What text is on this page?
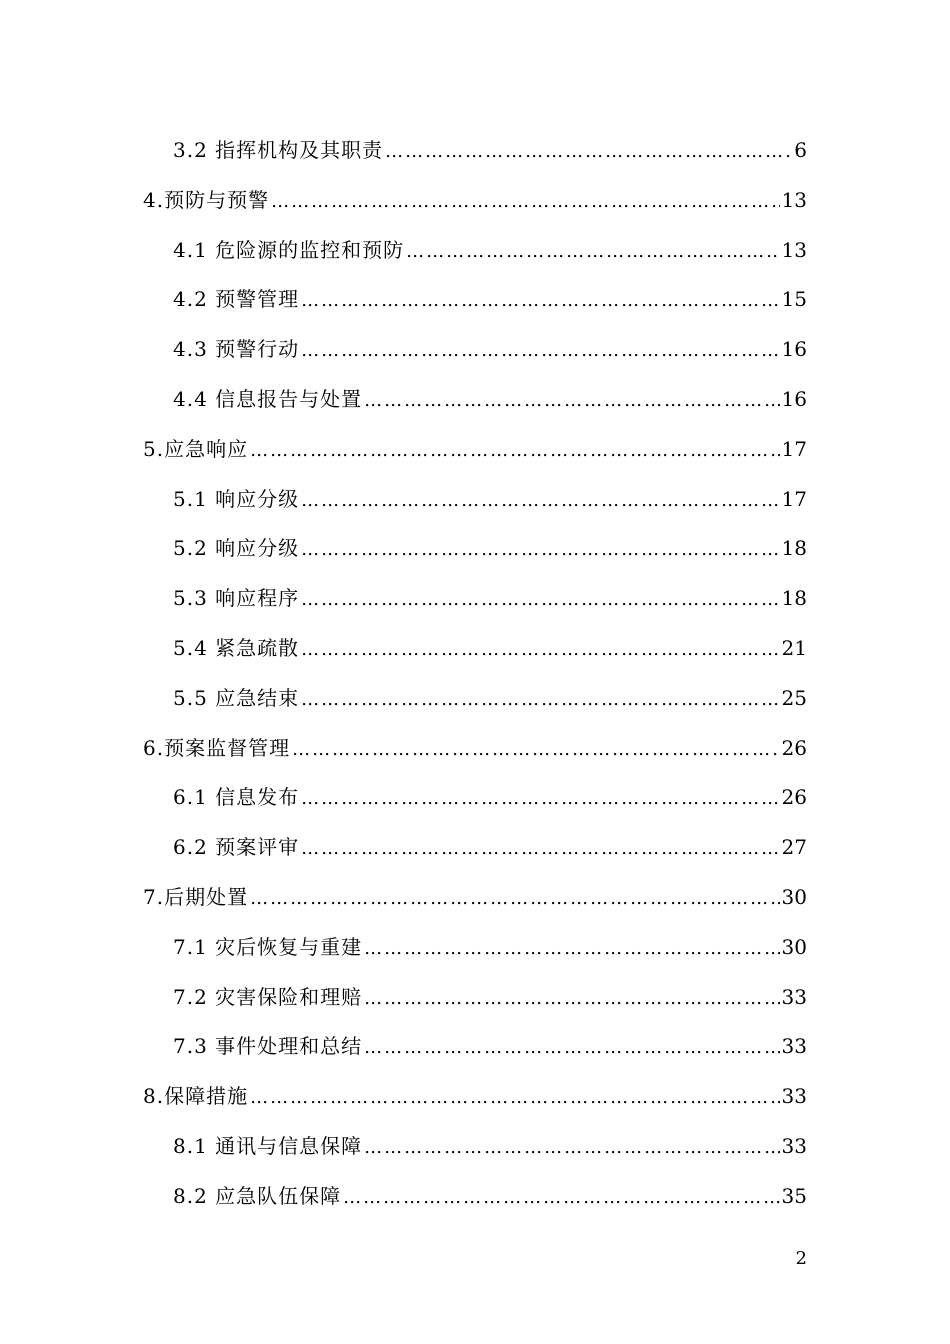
3.2 指挥机构及其职责 …………………………………………………………………………………………………………………………………………………	6
4.预防与预警 …………………………………………………………………………………………………………………………………………………	13
4.1 危险源的监控和预防 …………………………………………………………………………………………………………………………………………………	13
4.2 预警管理 …………………………………………………………………………………………………………………………………………………	15
4.3 预警行动 …………………………………………………………………………………………………………………………………………………	16
4.4 信息报告与处置 …………………………………………………………………………………………………………………………………………………	16
5.应急响应 …………………………………………………………………………………………………………………………………………………	17
5.1 响应分级 …………………………………………………………………………………………………………………………………………………	17
5.2 响应分级 …………………………………………………………………………………………………………………………………………………	18
5.3 响应程序 …………………………………………………………………………………………………………………………………………………	18
5.4 紧急疏散 …………………………………………………………………………………………………………………………………………………	21
5.5 应急结束 …………………………………………………………………………………………………………………………………………………	25
6.预案监督管理 …………………………………………………………………………………………………………………………………………………	26
6.1 信息发布 …………………………………………………………………………………………………………………………………………………	26
6.2 预案评审 …………………………………………………………………………………………………………………………………………………	27
7.后期处置 …………………………………………………………………………………………………………………………………………………	30
7.1 灾后恢复与重建 …………………………………………………………………………………………………………………………………………………	30
7.2 灾害保险和理赔 …………………………………………………………………………………………………………………………………………………	33
7.3 事件处理和总结 …………………………………………………………………………………………………………………………………………………	33
8.保障措施 …………………………………………………………………………………………………………………………………………………	33
8.1 通讯与信息保障 …………………………………………………………………………………………………………………………………………………	33
8.2 应急队伍保障 …………………………………………………………………………………………………………………………………………………	35
2
